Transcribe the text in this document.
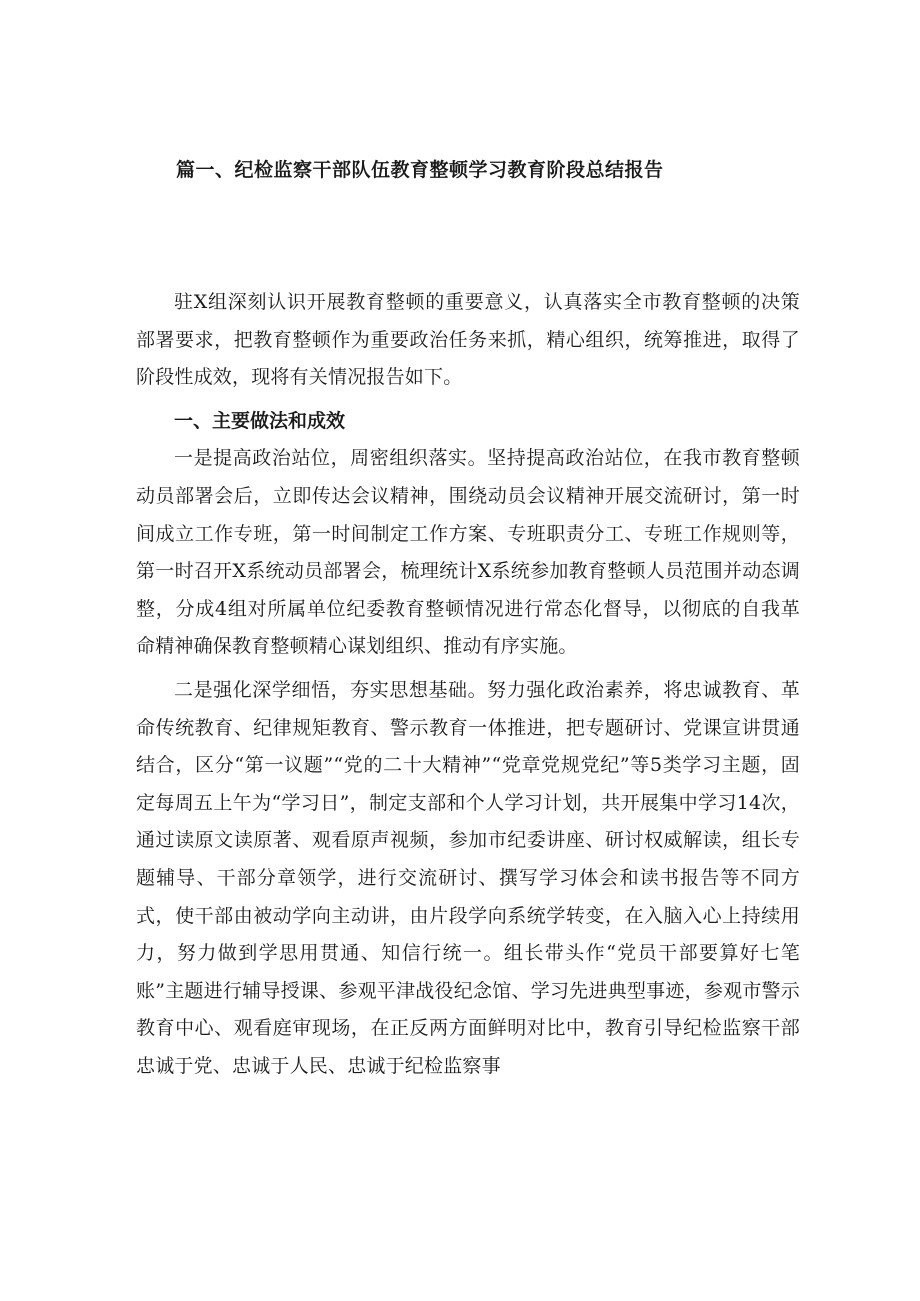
篇一、纪检监察干部队伍教育整顿学习教育阶段总结报告

驻X组深刻认识开展教育整顿的重要意义，认真落实全市教育整顿的决策部署要求，把教育整顿作为重要政治任务来抓，精心组织，统筹推进，取得了阶段性成效，现将有关情况报告如下。

一、主要做法和成效

一是提高政治站位，周密组织落实。坚持提高政治站位，在我市教育整顿动员部署会后，立即传达会议精神，围绕动员会议精神开展交流研讨，第一时间成立工作专班，第一时间制定工作方案、专班职责分工、专班工作规则等，第一时召开X系统动员部署会，梳理统计X系统参加教育整顿人员范围并动态调整，分成4组对所属单位纪委教育整顿情况进行常态化督导，以彻底的自我革命精神确保教育整顿精心谋划组织、推动有序实施。

二是强化深学细悟，夯实思想基础。努力强化政治素养，将忠诚教育、革命传统教育、纪律规矩教育、警示教育一体推进，把专题研讨、党课宣讲贯通结合，区分“第一议题”“党的二十大精神”“党章党规党纪”等5类学习主题，固定每周五上午为“学习日”，制定支部和个人学习计划，共开展集中学习14次，通过读原文读原著、观看原声视频，参加市纪委讲座、研讨权威解读，组长专题辅导、干部分章领学，进行交流研讨、撰写学习体会和读书报告等不同方式，使干部由被动学向主动讲，由片段学向系统学转变，在入脑入心上持续用力，努力做到学思用贯通、知信行统一。组长带头作“党员干部要算好七笔账”主题进行辅导授课、参观平津战役纪念馆、学习先进典型事迹，参观市警示教育中心、观看庭审现场，在正反两方面鲜明对比中，教育引导纪检监察干部忠诚于党、忠诚于人民、忠诚于纪检监察事
